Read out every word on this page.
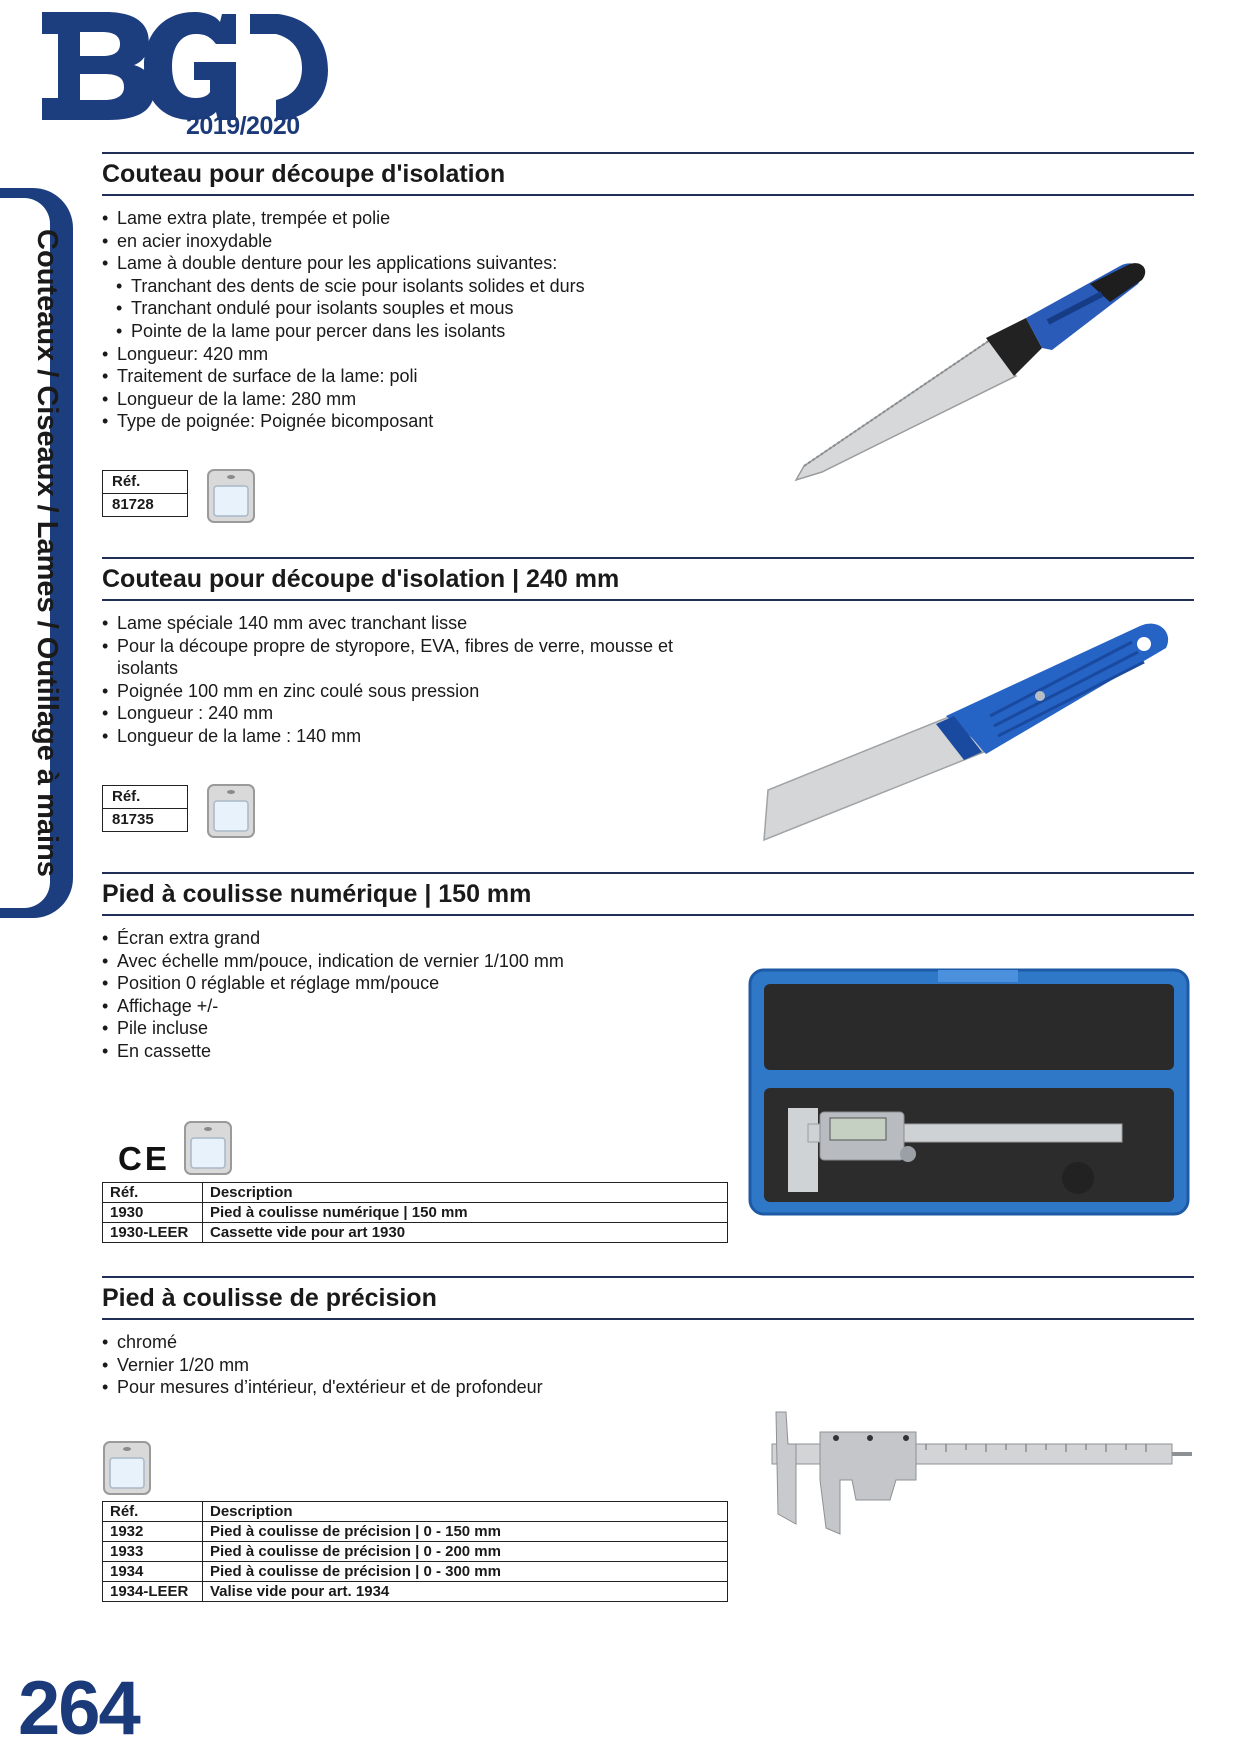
2019/2020
Couteaux / Ciseaux / Lames / Outillage à mains
Couteau pour découpe d'isolation
• Lame extra plate, trempée et polie
• en acier inoxydable
• Lame à double denture pour les applications suivantes:
• Tranchant des dents de scie pour isolants solides et durs
• Tranchant ondulé pour isolants souples et mous
• Pointe de la lame pour percer dans les isolants
• Longueur: 420 mm
• Traitement de surface de la lame: poli
• Longueur de la lame: 280 mm
• Type de poignée: Poignée bicomposant
Réf.
81728
Couteau pour découpe d'isolation | 240 mm
• Lame spéciale 140 mm avec tranchant lisse
• Pour la découpe propre de styropore, EVA, fibres de verre, mousse et isolants
• Poignée 100 mm en zinc coulé sous pression
• Longueur : 240 mm
• Longueur de la lame : 140 mm
Réf.
81735
Pied à coulisse numérique | 150 mm
• Écran extra grand
• Avec échelle mm/pouce, indication de vernier 1/100 mm
• Position 0 réglable et réglage mm/pouce
• Affichage +/-
• Pile incluse
• En cassette
CE
Réf.	Description
1930	Pied à coulisse numérique | 150 mm
1930-LEER	Cassette vide pour art 1930
Pied à coulisse de précision
• chromé
• Vernier 1/20 mm
• Pour mesures d’intérieur, d'extérieur et de profondeur
Réf.	Description
1932	Pied à coulisse de précision | 0 - 150 mm
1933	Pied à coulisse de précision | 0 - 200 mm
1934	Pied à coulisse de précision | 0 - 300 mm
1934-LEER	Valise vide pour art. 1934
264
